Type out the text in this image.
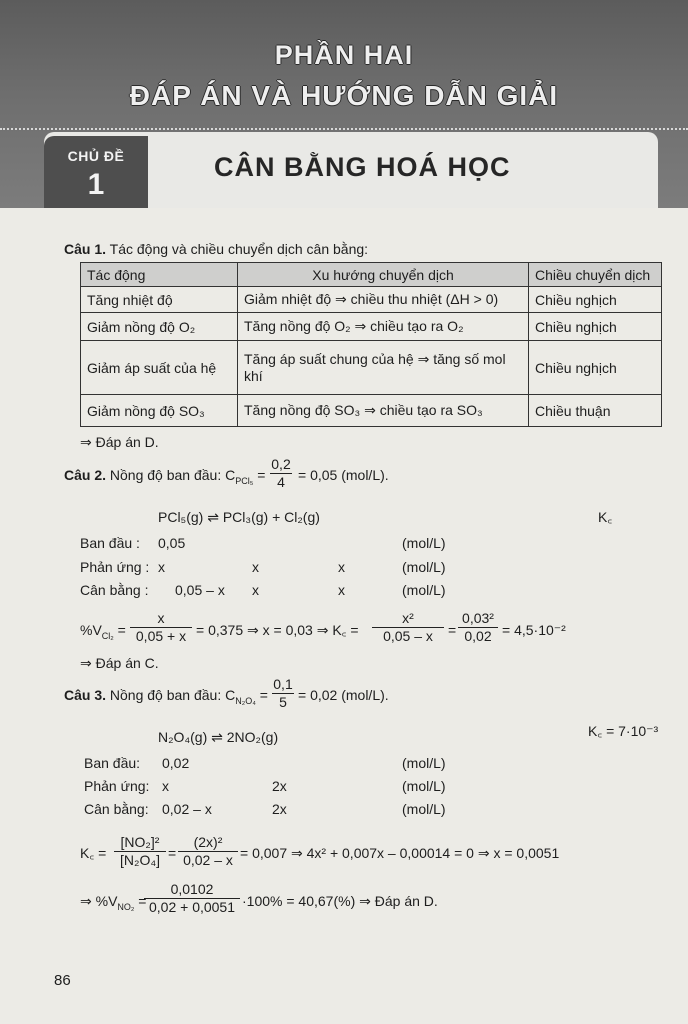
PHẦN HAI
ĐÁP ÁN VÀ HƯỚNG DẪN GIẢI
CHỦ ĐỀ
1
CÂN BẰNG HOÁ HỌC
Câu 1. Tác động và chiều chuyển dịch cân bằng:
Tác động	Xu hướng chuyển dịch	Chiều chuyển dịch
Tăng nhiệt độ	Giảm nhiệt độ ⇒ chiều thu nhiệt (ΔH > 0)	Chiều nghịch
Giảm nồng độ O₂	Tăng nồng độ O₂ ⇒ chiều tạo ra O₂	Chiều nghịch
Giảm áp suất của hệ	Tăng áp suất chung của hệ ⇒ tăng số mol khí	Chiều nghịch
Giảm nồng độ SO₃	Tăng nồng độ SO₃ ⇒ chiều tạo ra SO₃	Chiều thuận
⇒ Đáp án D.
Câu 2. Nồng độ ban đầu: $C_{PCl_5} = \frac{0,2}{4} = 0,05$ (mol/L).
PCl₅(g) ⇌ PCl₃(g) + Cl₂(g)	K꜀
Ban đầu : 0,05	(mol/L)
Phản ứng : x	x	x	(mol/L)
Cân bằng : 0,05 – x x	x	(mol/L)
$\%V_{Cl_2} = \frac{x}{0,05 + x} = 0,375$ ⇒ x = 0,03 ⇒ K꜀ = $\frac{\text{x²}}{0,05 - x} = \frac{\text{0,03²}}{0,02} = 4,5\cdot 10^{-2}$
⇒ Đáp án C.
Câu 3. Nồng độ ban đầu: $C_{N_2O_4} = \frac{0,1}{5} = 0,02$ (mol/L).
N₂O₄(g) ⇌ 2NO₂(g)	K꜀ = 7·10⁻³
Ban đầu: 0,02	(mol/L)
Phản ứng: x	2x	(mol/L)
Cân bằng: 0,02 – x	2x	(mol/L)
K꜀ = $\frac{\text{[NO₂]²}}{\text{[N₂O₄]}} = \frac{\text{(2x)²}}{0,02 - x} = 0,007$ ⇒ 4x² + 0,007x – 0,00014 = 0 ⇒ x = 0,0051
⇒ $\%V_{NO_2}$ =
$\frac{0,0102}{0,02 + 0,0051} \cdot 100\% = 40,67(\%)$ ⇒ Đáp án D.
86
